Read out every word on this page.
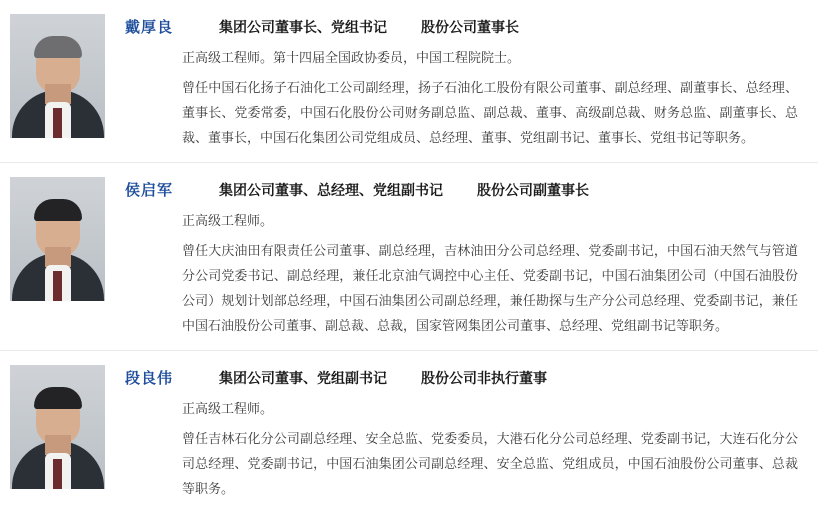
戴厚良	集团公司董事长、党组书记 股份公司董事长

正高级工程师。第十四届全国政协委员，中国工程院院士。

曾任中国石化扬子石油化工公司副经理，扬子石油化工股份有限公司董事、副总经理、副董事长、总经理、董事长、党委常委，中国石化股份公司财务副总监、副总裁、董事、高级副总裁、财务总监、副董事长、总裁、董事长，中国石化集团公司党组成员、总经理、董事、党组副书记、董事长、党组书记等职务。

侯启军	集团公司董事、总经理、党组副书记 股份公司副董事长

正高级工程师。

曾任大庆油田有限责任公司董事、副总经理，吉林油田分公司总经理、党委副书记，中国石油天然气与管道分公司党委书记、副总经理，兼任北京油气调控中心主任、党委副书记，中国石油集团公司（中国石油股份公司）规划计划部总经理，中国石油集团公司副总经理，兼任勘探与生产分公司总经理、党委副书记，兼任中国石油股份公司董事、副总裁、总裁，国家管网集团公司董事、总经理、党组副书记等职务。

段良伟	集团公司董事、党组副书记 股份公司非执行董事

正高级工程师。

曾任吉林石化分公司副总经理、安全总监、党委委员，大港石化分公司总经理、党委副书记，大连石化分公司总经理、党委副书记，中国石油集团公司副总经理、安全总监、党组成员，中国石油股份公司董事、总裁等职务。
